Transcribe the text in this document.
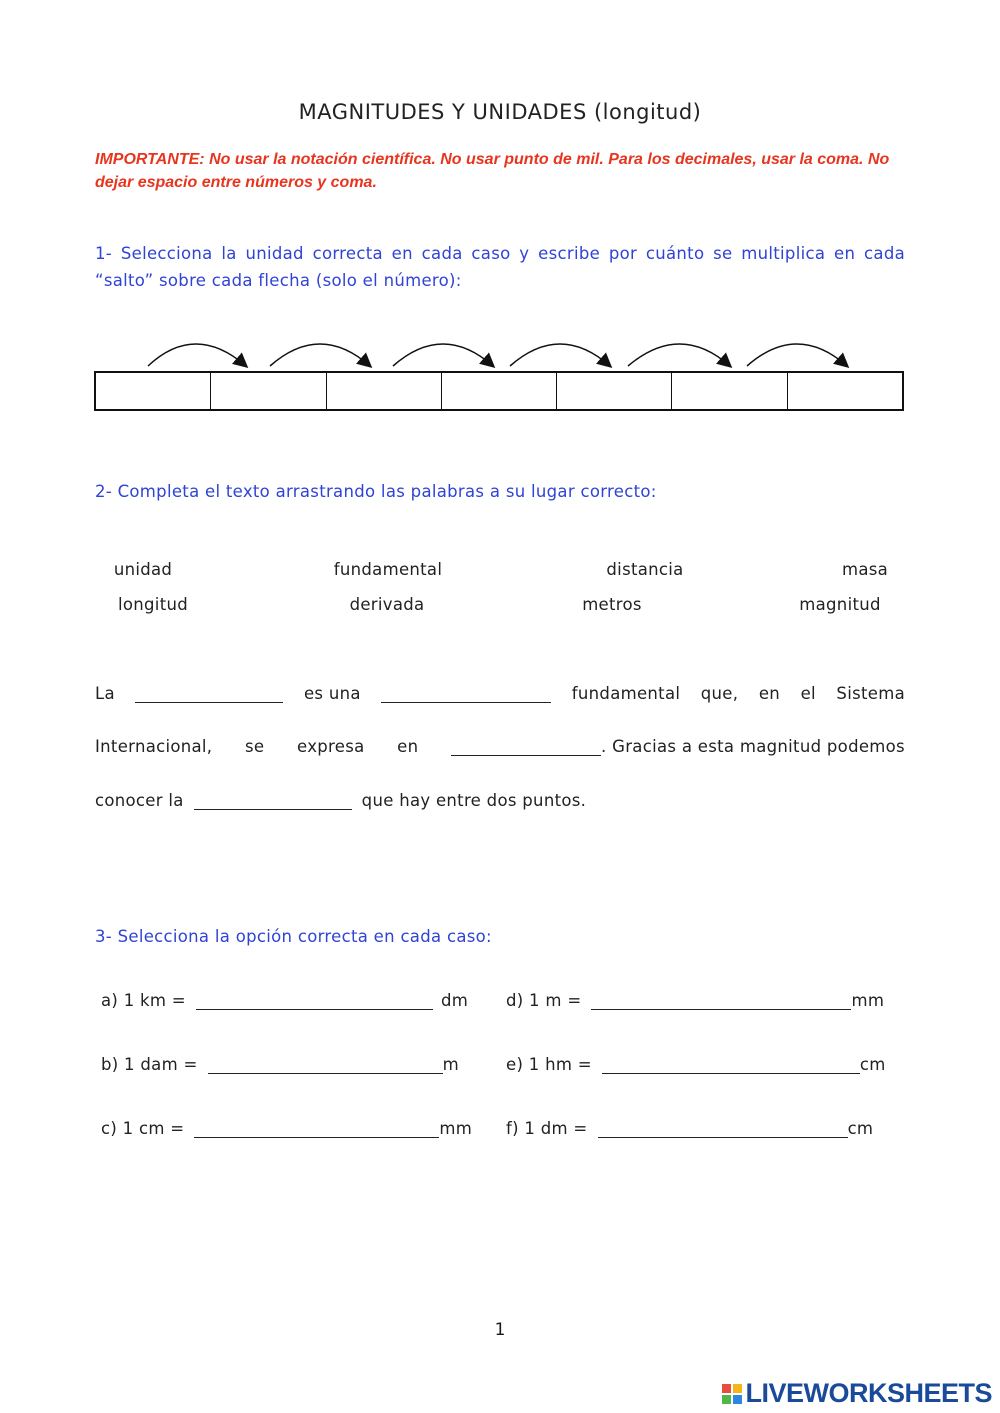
MAGNITUDES Y UNIDADES (longitud)
IMPORTANTE: No usar la notación científica. No usar punto de mil. Para los decimales, usar la coma. No dejar espacio entre números y coma.
1- Selecciona la unidad correcta en cada caso y escribe por cuánto se multiplica en cada “salto” sobre cada flecha (solo el número):
2- Completa el texto arrastrando las palabras a su lugar correcto:
unidad	fundamental	distancia	masa
longitud	derivada	metros	magnitud
La	es una	fundamental que, en el Sistema
Internacional, se expresa en	. Gracias a esta magnitud podemos
conocer la	que hay entre dos puntos.
3- Selecciona la opción correcta en cada caso:
a) 1 km =	dm d) 1 m =	mm
b) 1 dam =	m	e) 1 hm =	cm
c) 1 cm =	mm f) 1 dm =	cm
1
LIVEWORKSHEETS
